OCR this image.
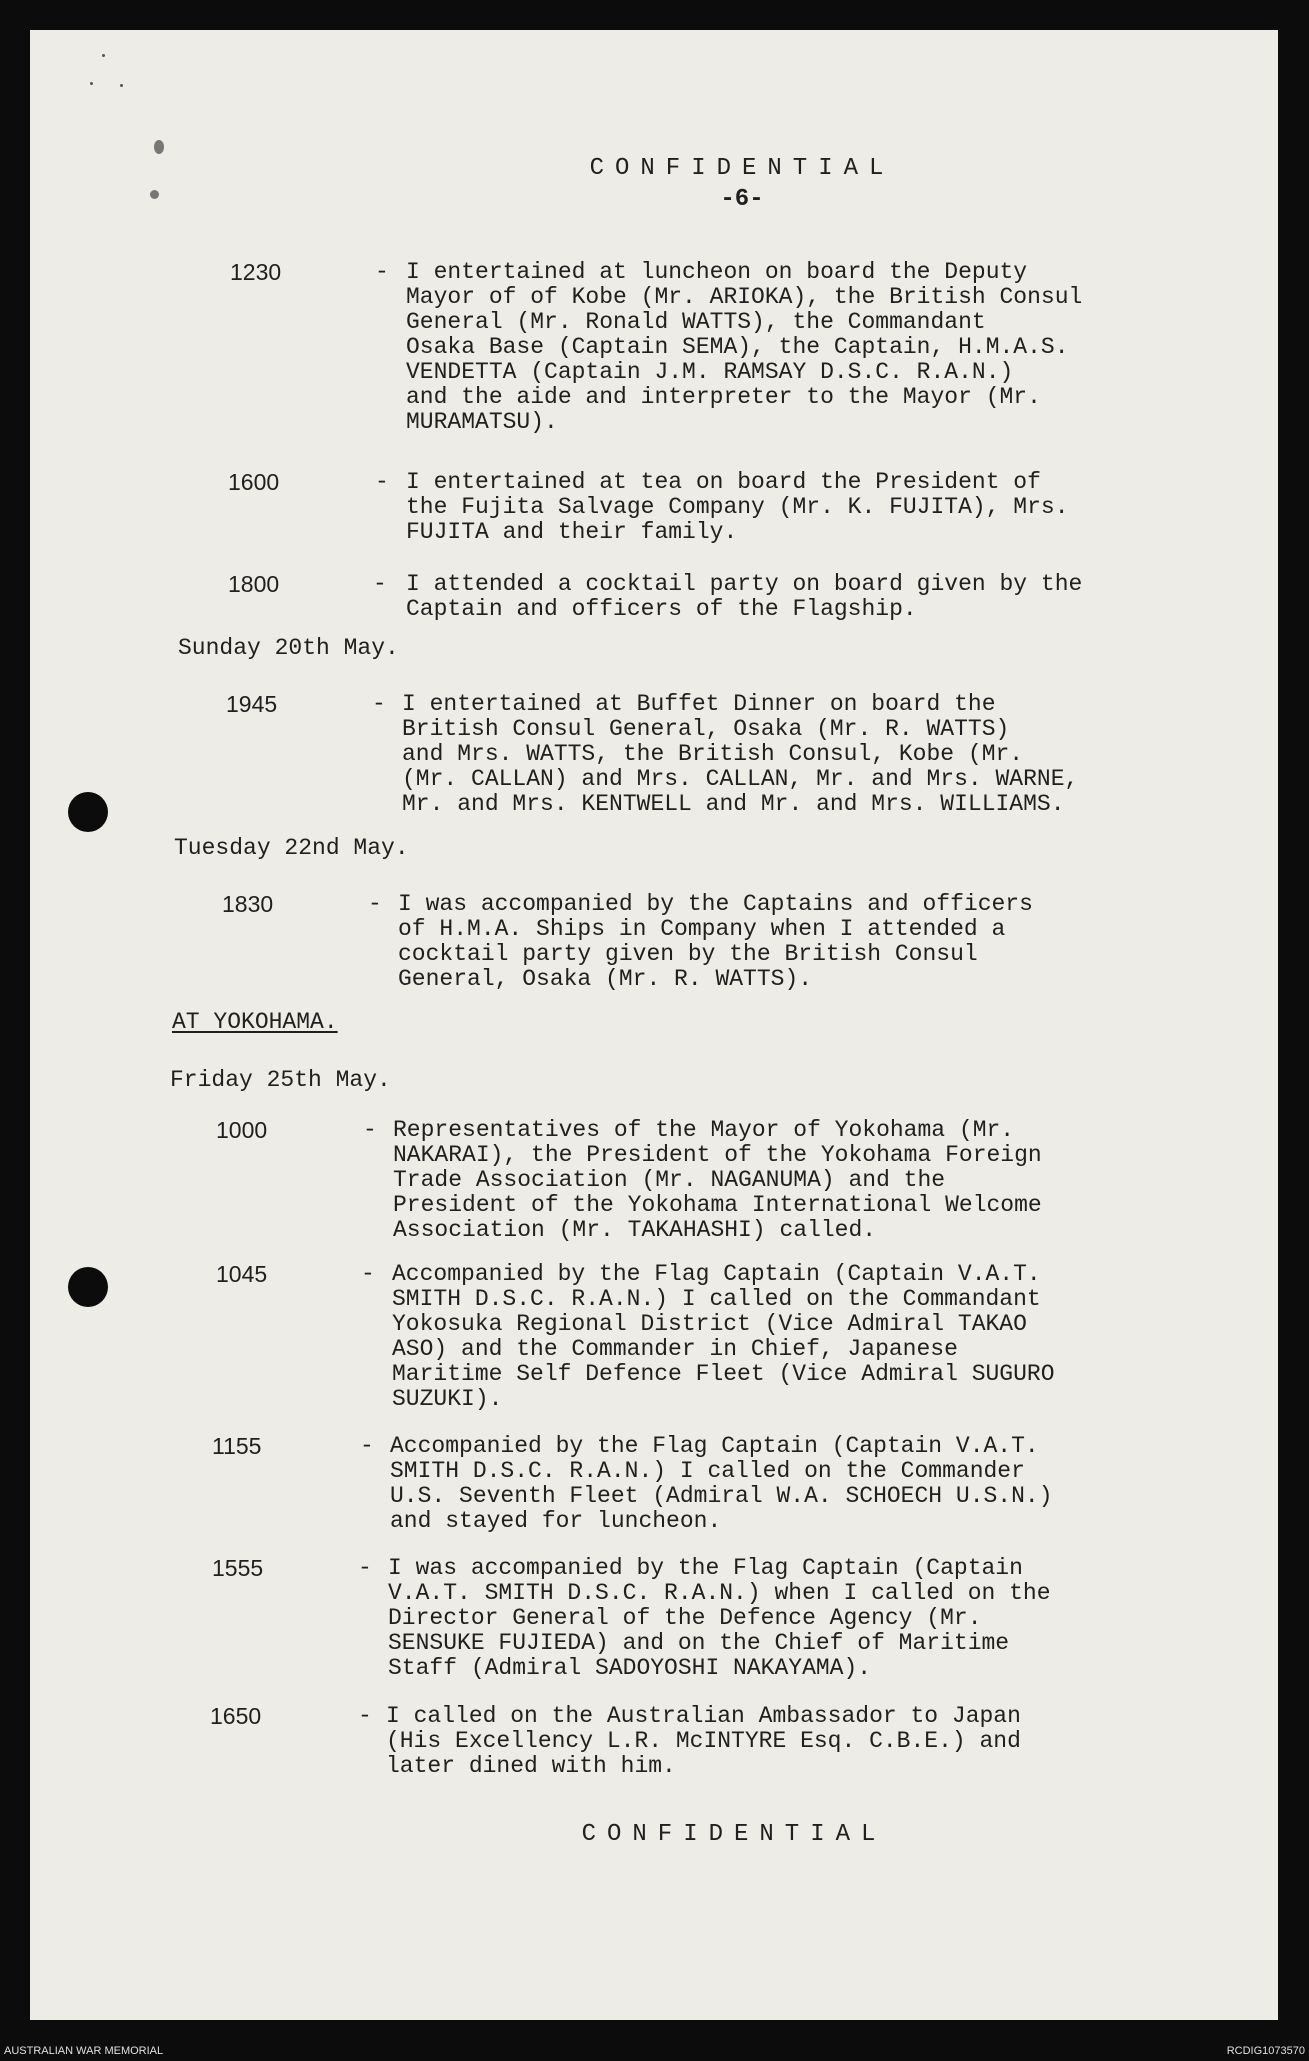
CONFIDENTIAL
-6-
1230	- I entertained at luncheon on board the Deputy
Mayor of of Kobe (Mr. ARIOKA), the British Consul
General (Mr. Ronald WATTS), the Commandant
Osaka Base (Captain SEMA), the Captain, H.M.A.S.
VENDETTA (Captain J.M. RAMSAY D.S.C. R.A.N.)
and the aide and interpreter to the Mayor (Mr.
MURAMATSU).
1600	- I entertained at tea on board the President of
the Fujita Salvage Company (Mr. K. FUJITA), Mrs.
FUJITA and their family.
1800	- I attended a cocktail party on board given by the
Captain and officers of the Flagship.
Sunday 20th May.
1945	- I entertained at Buffet Dinner on board the
British Consul General, Osaka (Mr. R. WATTS)
and Mrs. WATTS, the British Consul, Kobe (Mr.
(Mr. CALLAN) and Mrs. CALLAN, Mr. and Mrs. WARNE,
Mr. and Mrs. KENTWELL and Mr. and Mrs. WILLIAMS.
Tuesday 22nd May.
1830	- I was accompanied by the Captains and officers
of H.M.A. Ships in Company when I attended a
cocktail party given by the British Consul
General, Osaka (Mr. R. WATTS).
AT YOKOHAMA.
Friday 25th May.
1000	- Representatives of the Mayor of Yokohama (Mr.
NAKARAI), the President of the Yokohama Foreign
Trade Association (Mr. NAGANUMA) and the
President of the Yokohama International Welcome
Association (Mr. TAKAHASHI) called.
1045	- Accompanied by the Flag Captain (Captain V.A.T.
SMITH D.S.C. R.A.N.) I called on the Commandant
Yokosuka Regional District (Vice Admiral TAKAO
ASO) and the Commander in Chief, Japanese
Maritime Self Defence Fleet (Vice Admiral SUGURO
SUZUKI).
1155	- Accompanied by the Flag Captain (Captain V.A.T.
SMITH D.S.C. R.A.N.) I called on the Commander
U.S. Seventh Fleet (Admiral W.A. SCHOECH U.S.N.)
and stayed for luncheon.
1555	- I was accompanied by the Flag Captain (Captain
V.A.T. SMITH D.S.C. R.A.N.) when I called on the
Director General of the Defence Agency (Mr.
SENSUKE FUJIEDA) and on the Chief of Maritime
Staff (Admiral SADOYOSHI NAKAYAMA).
1650	- I called on the Australian Ambassador to Japan
(His Excellency L.R. McINTYRE Esq. C.B.E.) and
later dined with him.
CONFIDENTIAL
AUSTRALIAN WAR MEMORIAL	RCDIG1073570
